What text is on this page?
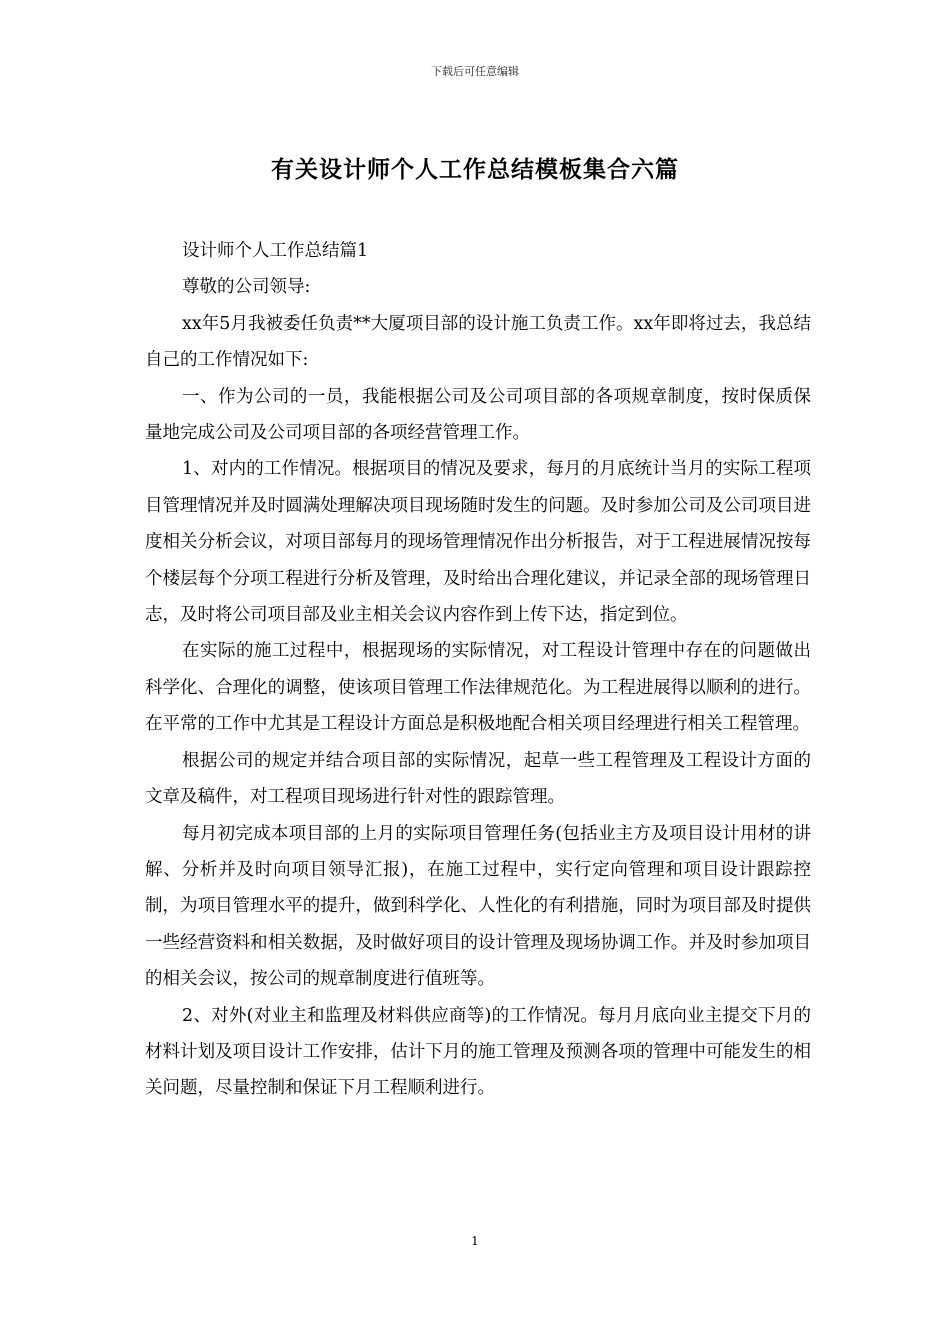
下载后可任意编辑
有关设计师个人工作总结模板集合六篇

设计师个人工作总结篇1

尊敬的公司领导:

xx年5月我被委任负责**大厦项目部的设计施工负责工作。xx年即将过去，我总结自己的工作情况如下:

一、作为公司的一员，我能根据公司及公司项目部的各项规章制度，按时保质保量地完成公司及公司项目部的各项经营管理工作。

1、对内的工作情况。根据项目的情况及要求，每月的月底统计当月的实际工程项目管理情况并及时圆满处理解决项目现场随时发生的问题。及时参加公司及公司项目进度相关分析会议，对项目部每月的现场管理情况作出分析报告，对于工程进展情况按每个楼层每个分项工程进行分析及管理，及时给出合理化建议，并记录全部的现场管理日志，及时将公司项目部及业主相关会议内容作到上传下达，指定到位。

在实际的施工过程中，根据现场的实际情况，对工程设计管理中存在的问题做出科学化、合理化的调整，使该项目管理工作法律规范化。为工程进展得以顺利的进行。在平常的工作中尤其是工程设计方面总是积极地配合相关项目经理进行相关工程管理。

根据公司的规定并结合项目部的实际情况，起草一些工程管理及工程设计方面的文章及稿件，对工程项目现场进行针对性的跟踪管理。

每月初完成本项目部的上月的实际项目管理任务(包括业主方及项目设计用材的讲解、分析并及时向项目领导汇报)，在施工过程中，实行定向管理和项目设计跟踪控制，为项目管理水平的提升，做到科学化、人性化的有利措施，同时为项目部及时提供一些经营资料和相关数据，及时做好项目的设计管理及现场协调工作。并及时参加项目的相关会议，按公司的规章制度进行值班等。

2、对外(对业主和监理及材料供应商等)的工作情况。每月月底向业主提交下月的材料计划及项目设计工作安排，估计下月的施工管理及预测各项的管理中可能发生的相关问题，尽量控制和保证下月工程顺利进行。

1
